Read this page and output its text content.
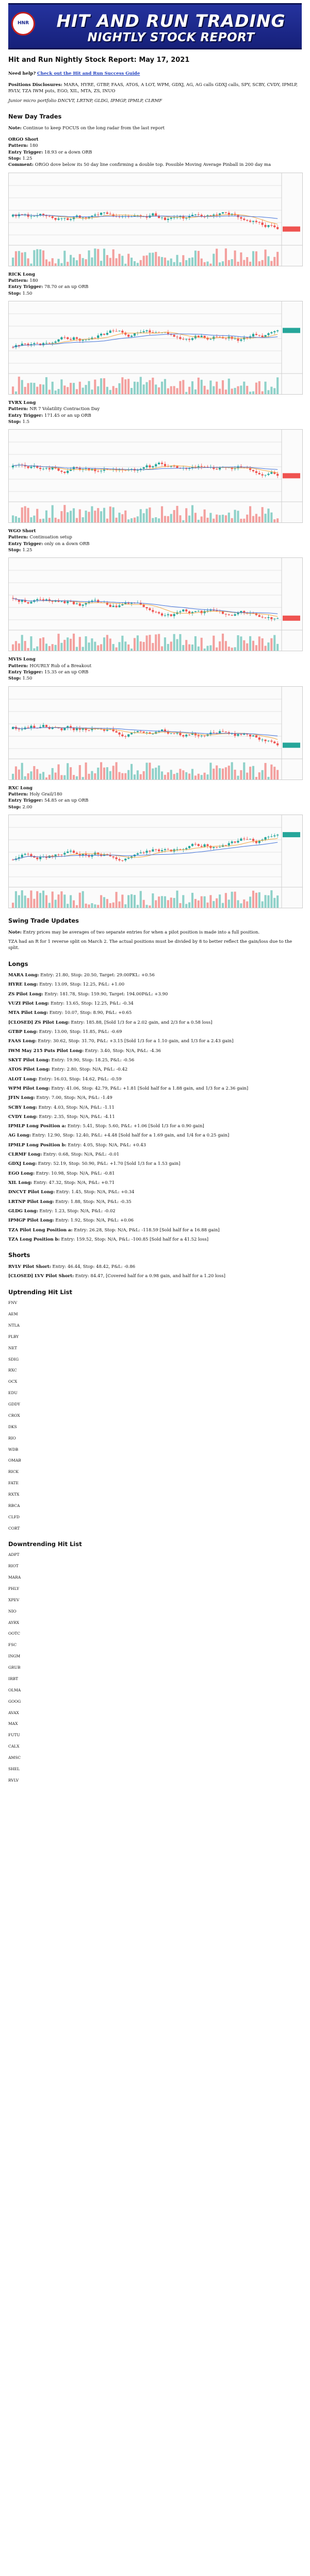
HNR	HIT AND RUN TRADING
NIGHTLY STOCK REPORT
Hit and Run Nightly Stock Report: May 17, 2021

Need help? Check out the Hit and Run Success Guide

Positions Disclosures: MARA, HYRE, GTBP, FAAS, ATOS, A LOT, WPM, GDXJ, AG, AG calls GDXJ calls, SPY, SCBY, CVDY, IPMLP, RVLV, TZA IWM puts, EGO, XIL, MTA, ZS, INUO

Junior micro portfolio DNCVT, LRTNP, GLDG, IPMGP, IPMLP, CLRMF

New Day Trades

Note: Continue to keep FOCUS on the long radar from the last report

ORGO Short

Pattern: 180

Entry Trigger: 18.93 or a down ORB

Stop: 1.25

Comment: ORGO dove below its 50 day line confirming a double top. Possible Moving Average Pinball in 200 day ma

RICK Long

Pattern: 180

Entry Trigger: 78.70 or an up ORB

Stop: 1.50

TVRX Long

Pattern: NR 7 Volatility Contraction Day

Entry Trigger: 171.45 or an up ORB

Stop: 1.5

WGO Short

Pattern: Continuation setup

Entry Trigger: only on a down ORB

Stop: 1.25

MVIS Long

Pattern: HOURLY Rub of a Breakout

Entry Trigger: 15.35 or an up ORB

Stop: 1.50

RXC Long

Pattern: Holy Grail/180

Entry Trigger: 54.85 or an up ORB

Stop: 2.00

Swing Trade Updates

Note: Entry prices may be averages of two separate entries for when a pilot position is made into a full position.

TZA had an R for 1 reverse split on March 2. The actual positions must be divided by 8 to better reflect the gain/loss due to the split.

Longs

MARA Long: Entry: 21.80, Stop: 20.50, Target: 29.00PKL: +0.56

HYRE Long: Entry: 13.09, Stop: 12.25, P&L: +1.00

ZS Pilot Long: Entry: 181.78, Stop: 159.90, Target: 194.00P&L: +3.90

VUZI Pilot Long: Entry: 13.65, Stop: 12.25, P&L: -0.34

MTA Pilot Long: Entry: 10.07, Stop: 8.90, P&L: +0.65

[CLOSED] ZS Pilot Long: Entry: 185.88, [Sold 1/3 for a 2.02 gain, and 2/3 for a 0.58 loss]

GTBP Long: Entry: 13.00, Stop: 11.85, P&L: -0.69

FAAS Long: Entry: 30.62, Stop: 31.70, P&L: +3.15 [Sold 1/3 for a 1.10 gain, and 1/3 for a 2.43 gain]

IWM May 215 Puts Pilot Long: Entry: 3.40, Stop: N/A, P&L: -4.36

SKYT Pilot Long: Entry: 19.90, Stop: 18.25, P&L: -0.56

ATOS Pilot Long: Entry: 2.80, Stop: N/A, P&L: -0.42

ALOT Long: Entry: 16.03, Stop: 14.62, P&L: -0.59

WPM Pilot Long: Entry: 41.06, Stop: 42.79, P&L: +1.81 [Sold half for a 1.88 gain, and 1/3 for a 2.36 gain]

JFIN Long: Entry: 7.00, Stop: N/A, P&L: -1.49

SCBY Long: Entry: 4.03, Stop: N/A, P&L: -1.11

CVDY Long: Entry: 2.35, Stop: N/A, P&L: -4.11

IPMLP Long Position a: Entry: 5.41, Stop: 5.60, P&L: +1.06 [Sold 1/3 for a 0.90 gain]

AG Long: Entry: 12.90, Stop: 12.40, P&L: +4.48 [Sold half for a 1.69 gain, and 1/4 for a 0.25 gain]

IPMLP Long Position b: Entry: 4.05, Stop: N/A, P&L: +0.43

CLRMF Long: Entry: 0.68, Stop: N/A, P&L: -0.01

GDXJ Long: Entry: 52.19, Stop: 50.90, P&L: +1.70 [Sold 1/3 for a 1.53 gain]

EGO Long: Entry: 10.98, Stop: N/A, P&L: -0.81

XIL Long: Entry: 47.32, Stop: N/A, P&L: +0.71

DNCVT Pilot Long: Entry: 1.45, Stop: N/A, P&L: +0.34

LRTNP Pilot Long: Entry: 1.88, Stop: N/A, P&L: -0.35

GLDG Long: Entry: 1.23, Stop: N/A, P&L: -0.02

IPMGP Pilot Long: Entry: 1.92, Stop: N/A, P&L: +0.06

TZA Pilot Long Position a: Entry: 26.28, Stop: N/A, P&L: -118.59 [Sold half for a 16.88 gain]

TZA Long Position b: Entry: 159.52, Stop: N/A, P&L: -100.85 [Sold half for a 41.52 loss]

Shorts

RVLV Pilot Short: Entry: 46.44, Stop: 48.42, P&L: -0.86

[CLOSED] LVV Pilot Short: Entry: 84.47, [Covered half for a 0.98 gain, and half for a 1.20 loss]

Uptrending Hit List

FNV

AEM

NTLA

PLBY

NET

SDIG

RXC

OCX

EDU

GDDY

CROX

DKS

RIO

WDB

OMAB

RICK

FATE

RXTX

RBCA

CLFD

CORT

Downtrending Hit List

ADPT

RIOT

MARA

PHLY

XPEV

NIO

AYRX

OOTC

FSC

INGM

GRUB

IRBT

OLMA

GOOG

AVAX

MAX

FUTU

CALX

AMSC

SHEL

RVLV
